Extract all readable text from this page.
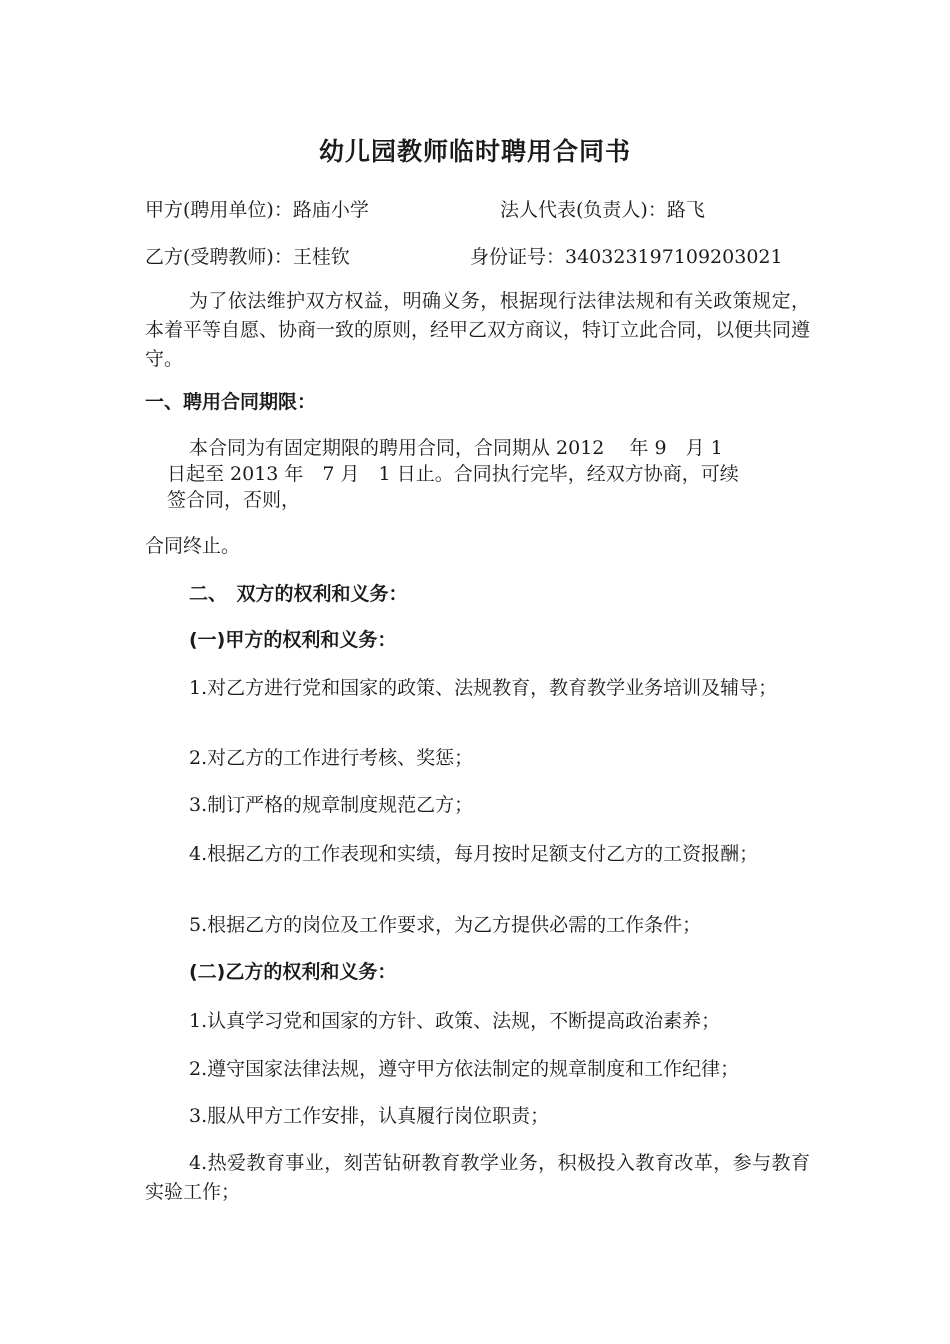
幼儿园教师临时聘用合同书
甲方(聘用单位)：路庙小学	法人代表(负责人)：路飞
乙方(受聘教师)：王桂钦	身份证号：340323197109203021
为了依法维护双方权益，明确义务，根据现行法律法规和有关政策规定，本着平等自愿、协商一致的原则，经甲乙双方商议，特订立此合同，以便共同遵守。
一、聘用合同期限：
本合同为有固定期限的聘用合同，合同期从 2012　 年 9　月 1
日起至 2013 年　7 月　1 日止。合同执行完毕，经双方协商，可续
签合同，否则，
合同终止。
二、　双方的权利和义务：
(一)甲方的权利和义务：
1.对乙方进行党和国家的政策、法规教育，教育教学业务培训及辅导；
2.对乙方的工作进行考核、奖惩；
3.制订严格的规章制度规范乙方；
4.根据乙方的工作表现和实绩，每月按时足额支付乙方的工资报酬；
5.根据乙方的岗位及工作要求，为乙方提供必需的工作条件；
(二)乙方的权利和义务：
1.认真学习党和国家的方针、政策、法规，不断提高政治素养；
2.遵守国家法律法规，遵守甲方依法制定的规章制度和工作纪律；
3.服从甲方工作安排，认真履行岗位职责；
4.热爱教育事业，刻苦钻研教育教学业务，积极投入教育改革，参与教育实验工作；
